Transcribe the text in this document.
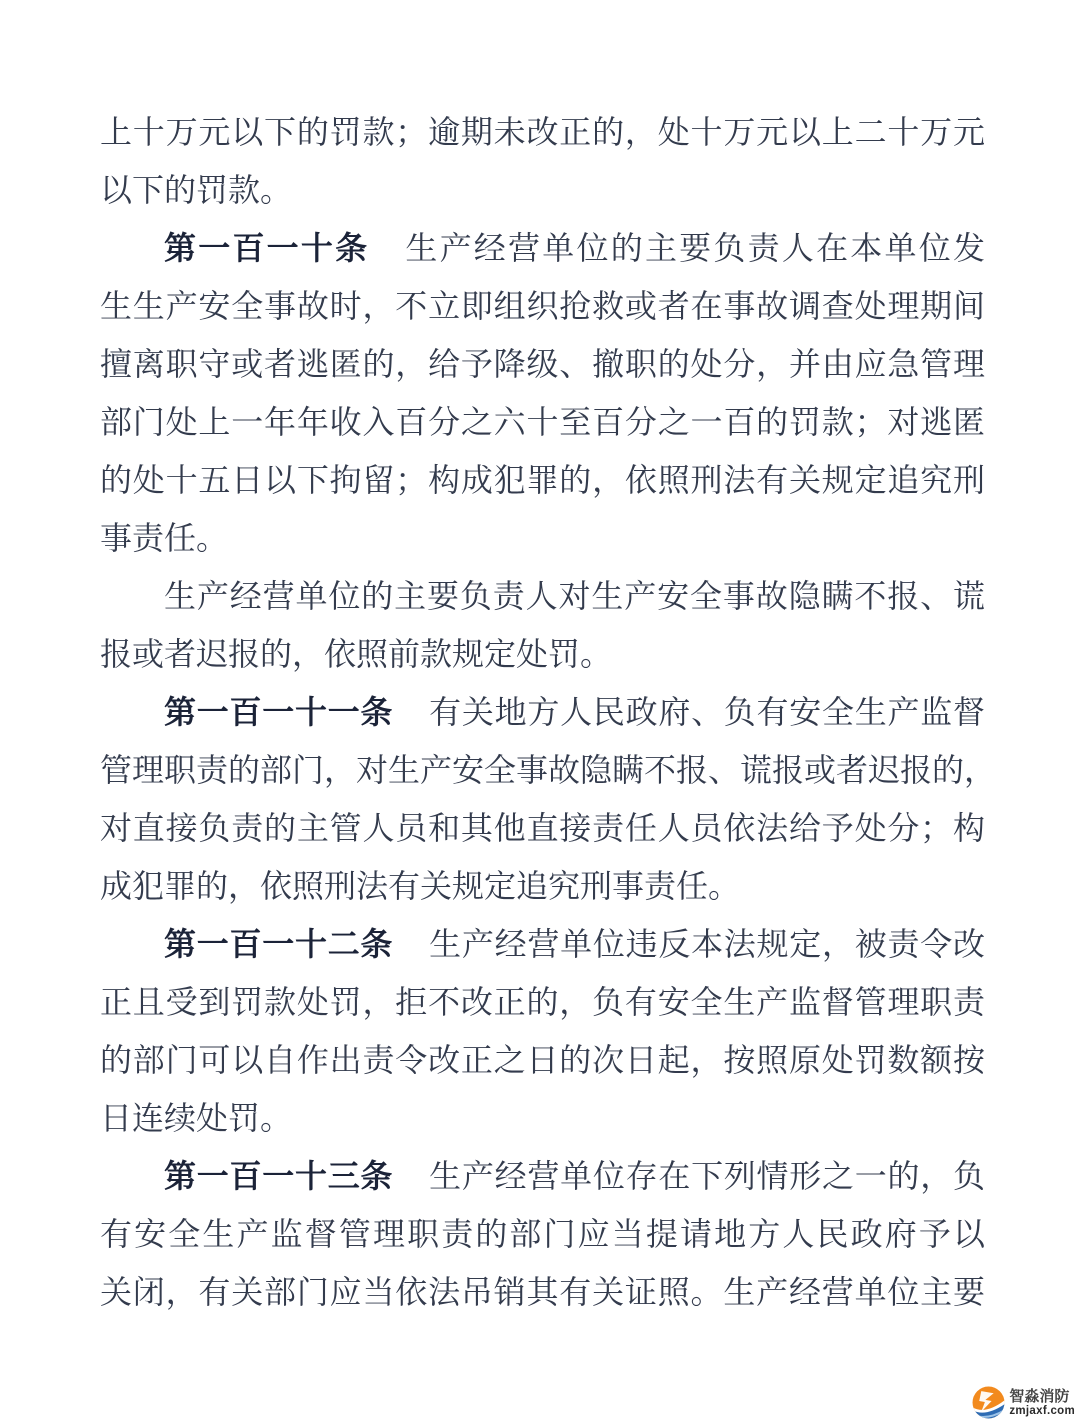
上十万元以下的罚款；逾期未改正的，处十万元以上二十万元
以下的罚款。
第一百一十条 生产经营单位的主要负责人在本单位发
生生产安全事故时，不立即组织抢救或者在事故调查处理期间
擅离职守或者逃匿的，给予降级、撤职的处分，并由应急管理
部门处上一年年收入百分之六十至百分之一百的罚款；对逃匿
的处十五日以下拘留；构成犯罪的，依照刑法有关规定追究刑
事责任。
生产经营单位的主要负责人对生产安全事故隐瞒不报、谎
报或者迟报的，依照前款规定处罚。
第一百一十一条 有关地方人民政府、负有安全生产监督
管理职责的部门，对生产安全事故隐瞒不报、谎报或者迟报的，
对直接负责的主管人员和其他直接责任人员依法给予处分；构
成犯罪的，依照刑法有关规定追究刑事责任。
第一百一十二条 生产经营单位违反本法规定，被责令改
正且受到罚款处罚，拒不改正的，负有安全生产监督管理职责
的部门可以自作出责令改正之日的次日起，按照原处罚数额按
日连续处罚。
第一百一十三条 生产经营单位存在下列情形之一的，负
有安全生产监督管理职责的部门应当提请地方人民政府予以
关闭，有关部门应当依法吊销其有关证照。生产经营单位主要
智淼消防
zmjaxf.com
